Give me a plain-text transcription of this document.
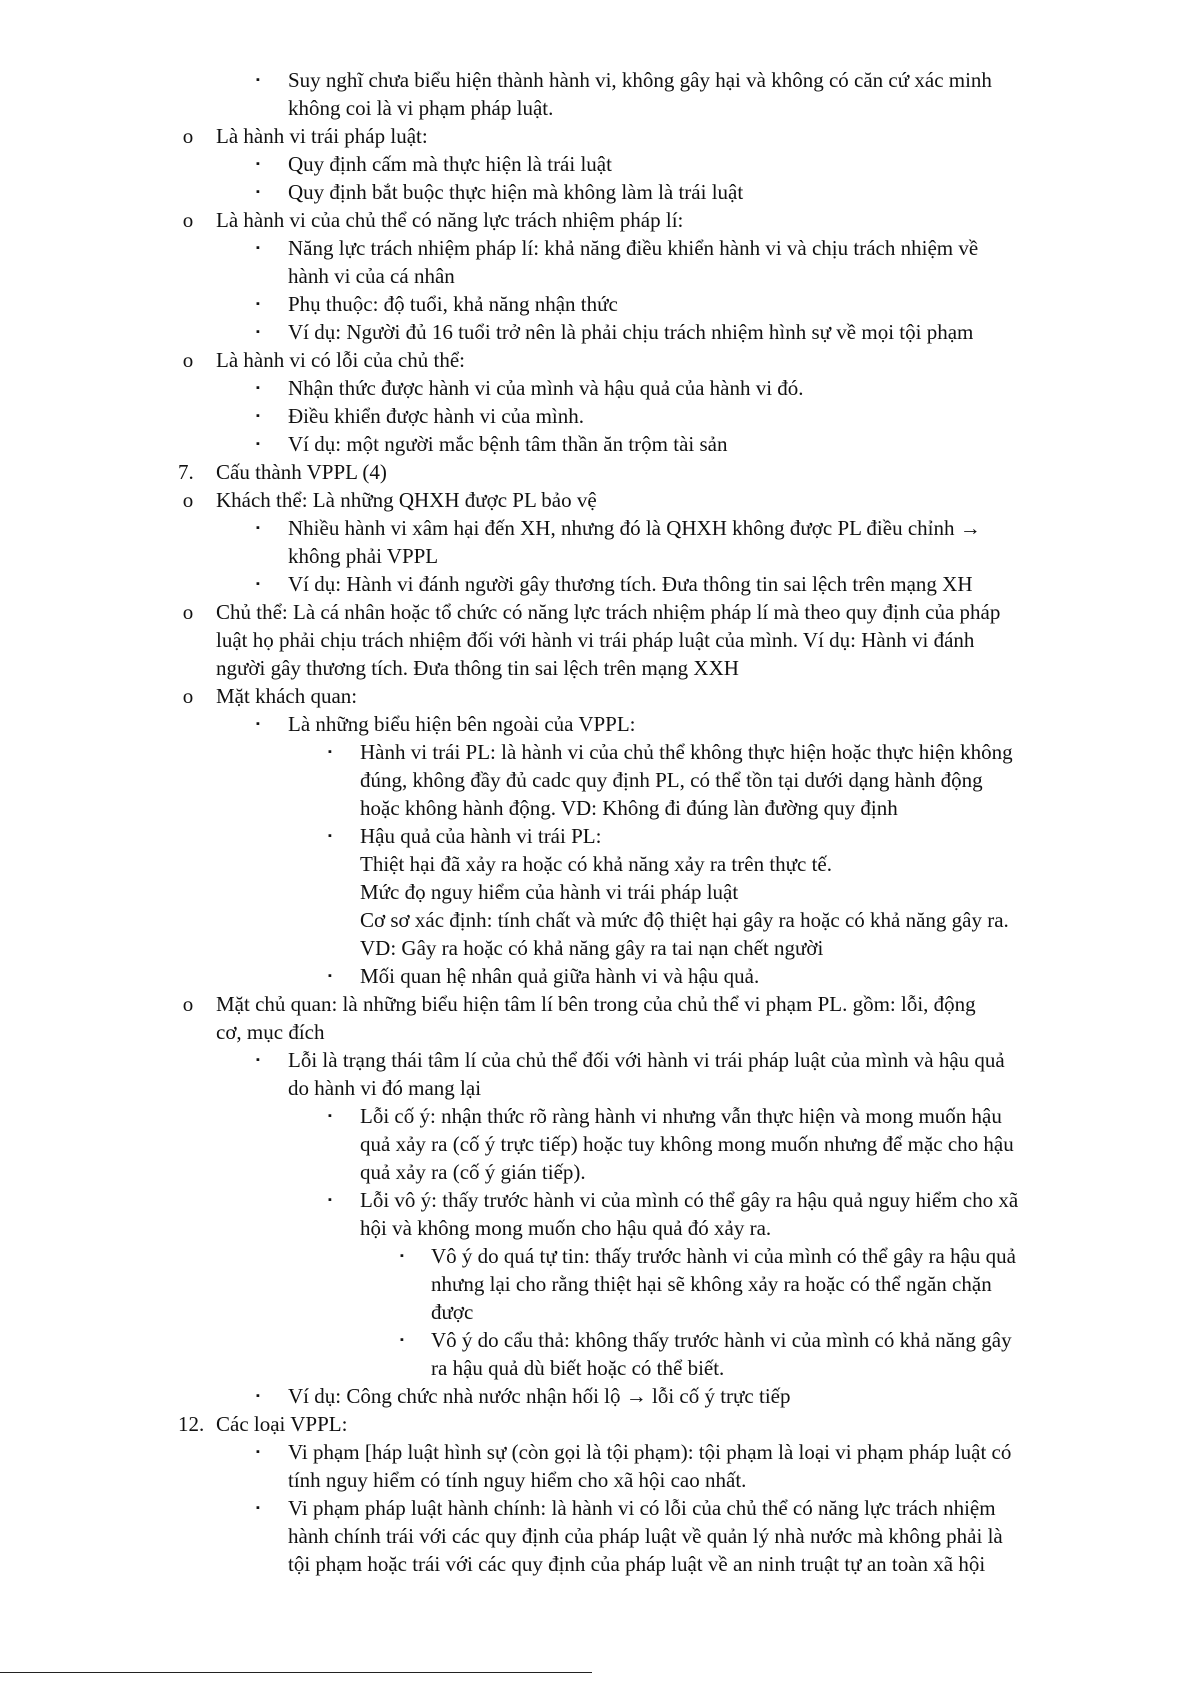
▪ Suy nghĩ chưa biểu hiện thành hành vi, không gây hại và không có căn cứ xác minh
không coi là vi phạm pháp luật.
o Là hành vi trái pháp luật:
▪ Quy định cấm mà thực hiện là trái luật
▪ Quy định bắt buộc thực hiện mà không làm là trái luật
o Là hành vi của chủ thể có năng lực trách nhiệm pháp lí:
▪ Năng lực trách nhiệm pháp lí: khả năng điều khiển hành vi và chịu trách nhiệm về
hành vi của cá nhân
▪ Phụ thuộc: độ tuổi, khả năng nhận thức
▪ Ví dụ: Người đủ 16 tuổi trở nên là phải chịu trách nhiệm hình sự về mọi tội phạm
o Là hành vi có lỗi của chủ thể:
▪ Nhận thức được hành vi của mình và hậu quả của hành vi đó.
▪ Điều khiển được hành vi của mình.
▪ Ví dụ: một người mắc bệnh tâm thần ăn trộm tài sản
7.	Cấu thành VPPL (4)
o Khách thể: Là những QHXH được PL bảo vệ
▪ Nhiều hành vi xâm hại đến XH, nhưng đó là QHXH không được PL điều chỉnh →
không phải VPPL
▪ Ví dụ: Hành vi đánh người gây thương tích. Đưa thông tin sai lệch trên mạng XH
o Chủ thể: Là cá nhân hoặc tổ chức có năng lực trách nhiệm pháp lí mà theo quy định của pháp
luật họ phải chịu trách nhiệm đối với hành vi trái pháp luật của mình. Ví dụ: Hành vi đánh
người gây thương tích. Đưa thông tin sai lệch trên mạng XXH
o Mặt khách quan:
▪ Là những biểu hiện bên ngoài của VPPL:
▪ Hành vi trái PL: là hành vi của chủ thể không thực hiện hoặc thực hiện không
đúng, không đầy đủ cadc quy định PL, có thể tồn tại dưới dạng hành động
hoặc không hành động. VD: Không đi đúng làn đường quy định
▪ Hậu quả của hành vi trái PL:
Thiệt hại đã xảy ra hoặc có khả năng xảy ra trên thực tế.
Mức đọ nguy hiểm của hành vi trái pháp luật
Cơ sơ xác định: tính chất và mức độ thiệt hại gây ra hoặc có khả năng gây ra.
VD: Gây ra hoặc có khả năng gây ra tai nạn chết người
▪ Mối quan hệ nhân quả giữa hành vi và hậu quả.
o Mặt chủ quan: là những biểu hiện tâm lí bên trong của chủ thể vi phạm PL. gồm: lỗi, động
cơ, mục đích
▪ Lỗi là trạng thái tâm lí của chủ thể đối với hành vi trái pháp luật của mình và hậu quả
do hành vi đó mang lại
▪ Lỗi cố ý: nhận thức rõ ràng hành vi nhưng vẫn thực hiện và mong muốn hậu
quả xảy ra (cố ý trực tiếp) hoặc tuy không mong muốn nhưng để mặc cho hậu
quả xảy ra (cố ý gián tiếp).
▪ Lỗi vô ý: thấy trước hành vi của mình có thể gây ra hậu quả nguy hiểm cho xã
hội và không mong muốn cho hậu quả đó xảy ra.
▪ Vô ý do quá tự tin: thấy trước hành vi của mình có thể gây ra hậu quả
nhưng lại cho rằng thiệt hại sẽ không xảy ra hoặc có thể ngăn chặn
được
▪ Vô ý do cẩu thả: không thấy trước hành vi của mình có khả năng gây
ra hậu quả dù biết hoặc có thể biết.
▪ Ví dụ: Công chức nhà nước nhận hối lộ → lỗi cố ý trực tiếp
12. Các loại VPPL:
▪ Vi phạm [háp luật hình sự (còn gọi là tội phạm): tội phạm là loại vi phạm pháp luật có
tính nguy hiểm có tính nguy hiểm cho xã hội cao nhất.
▪ Vi phạm pháp luật hành chính: là hành vi có lỗi của chủ thể có năng lực trách nhiệm
hành chính trái với các quy định của pháp luật về quản lý nhà nước mà không phải là
tội phạm hoặc trái với các quy định của pháp luật về an ninh truật tự an toàn xã hội
